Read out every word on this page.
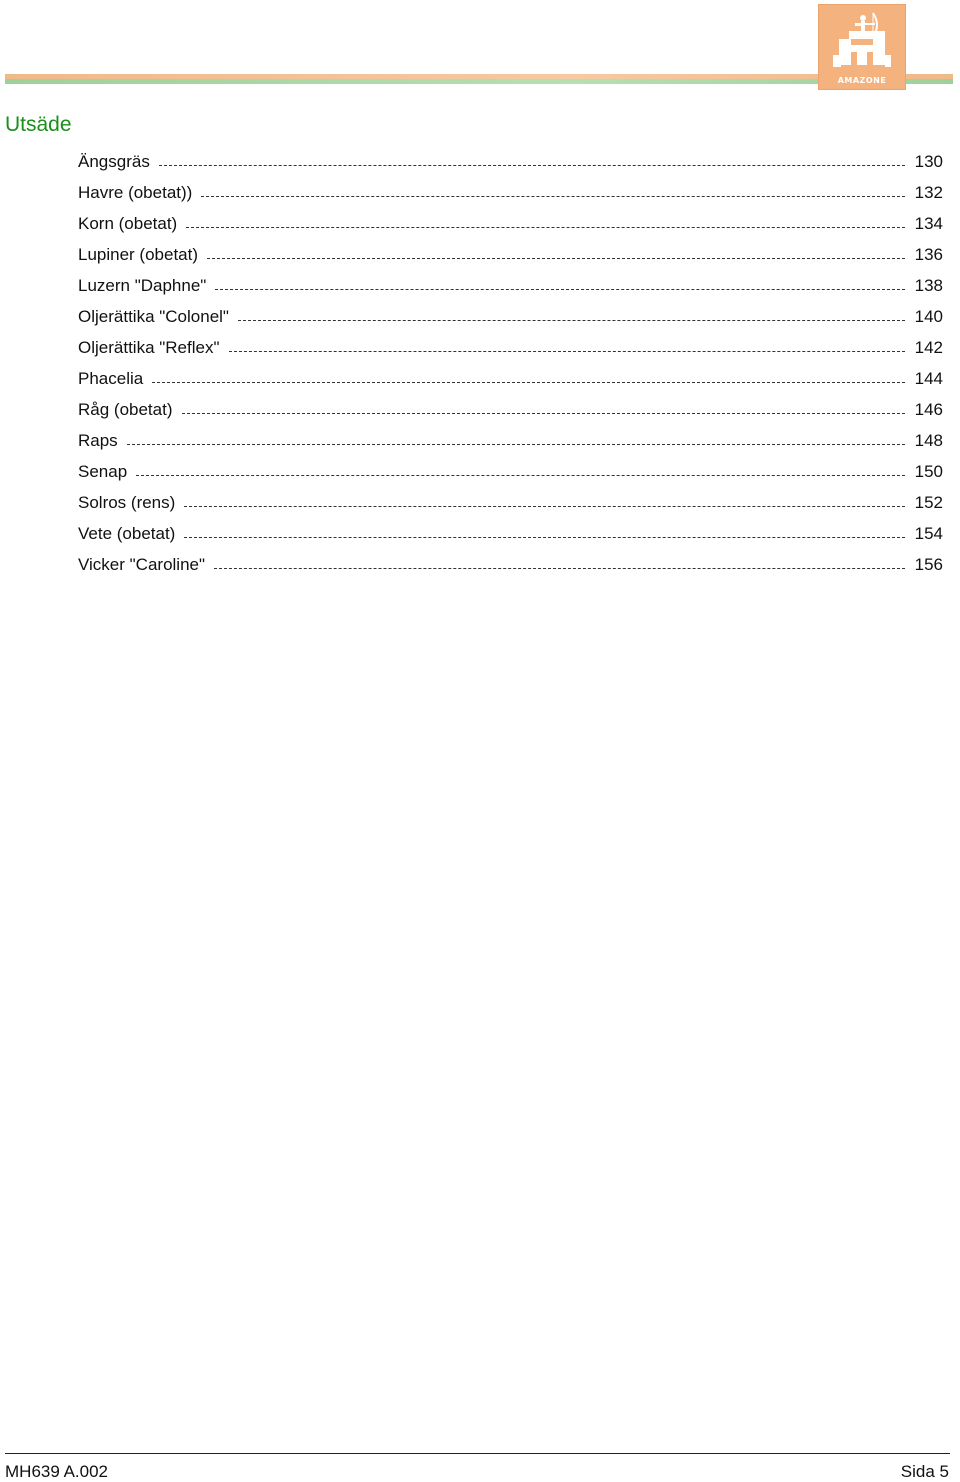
AMAZONE
Utsäde
Ängsgräs	130
Havre (obetat))	132
Korn (obetat)	134
Lupiner (obetat)	136
Luzern "Daphne"	138
Oljerättika "Colonel"	140
Oljerättika "Reflex"	142
Phacelia	144
Råg (obetat)	146
Raps	148
Senap	150
Solros (rens)	152
Vete (obetat)	154
Vicker "Caroline"	156
MH639 A.002	Sida 5
